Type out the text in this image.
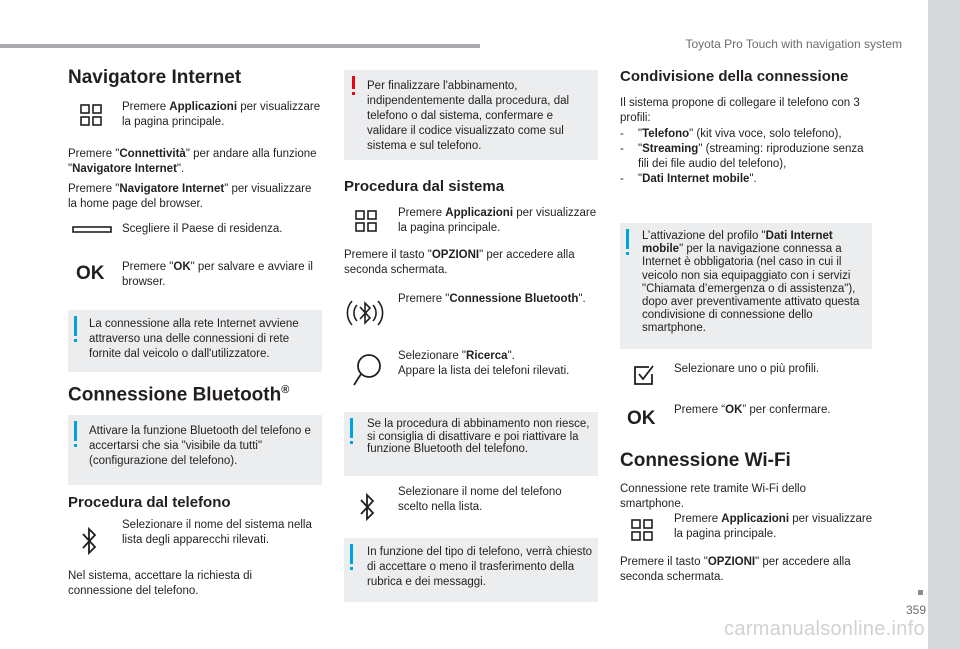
Toyota Pro Touch with navigation system
359
carmanualsonline.info
Navigatore Internet
Premere Applicazioni per visualizzare la pagina principale.
Premere "Connettività" per andare alla funzione "Navigatore Internet".
Premere "Navigatore Internet" per visualizzare la home page del browser.
Scegliere il Paese di residenza.
OK Premere "OK" per salvare e avviare il browser.
La connessione alla rete Internet avviene attraverso una delle connessioni di rete fornite dal veicolo o dall'utilizzatore.
Connessione Bluetooth®
Attivare la funzione Bluetooth del telefono e accertarsi che sia "visibile da tutti" (configurazione del telefono).
Procedura dal telefono
Selezionare il nome del sistema nella lista degli apparecchi rilevati.
Nel sistema, accettare la richiesta di connessione del telefono.
Per finalizzare l'abbinamento, indipendentemente dalla procedura, dal telefono o dal sistema, confermare e validare il codice visualizzato come sul sistema e sul telefono.
Procedura dal sistema
Premere Applicazioni per visualizzare la pagina principale.
Premere il tasto "OPZIONI" per accedere alla seconda schermata.
Premere "Connessione Bluetooth".
Selezionare "Ricerca".
Appare la lista dei telefoni rilevati.
Se la procedura di abbinamento non riesce, si consiglia di disattivare e poi riattivare la funzione Bluetooth del telefono.
Selezionare il nome del telefono scelto nella lista.
In funzione del tipo di telefono, verrà chiesto di accettare o meno il trasferimento della rubrica e dei messaggi.
Condivisione della connessione
Il sistema propone di collegare il telefono con 3 profili:
-	"Telefono" (kit viva voce, solo telefono),
-	"Streaming" (streaming: riproduzione senza fili dei file audio del telefono),
-	"Dati Internet mobile".
L’attivazione del profilo "Dati Internet mobile" per la navigazione connessa a Internet è obbligatoria (nel caso in cui il veicolo non sia equipaggiato con i servizi "Chiamata d’emergenza o di assistenza"), dopo aver preventivamente attivato questa condivisione di connessione dello smartphone.
Selezionare uno o più profili.
OK Premere “OK” per confermare.
Connessione Wi-Fi
Connessione rete tramite Wi-Fi dello smartphone.
Premere Applicazioni per visualizzare la pagina principale.
Premere il tasto "OPZIONI" per accedere alla seconda schermata.
